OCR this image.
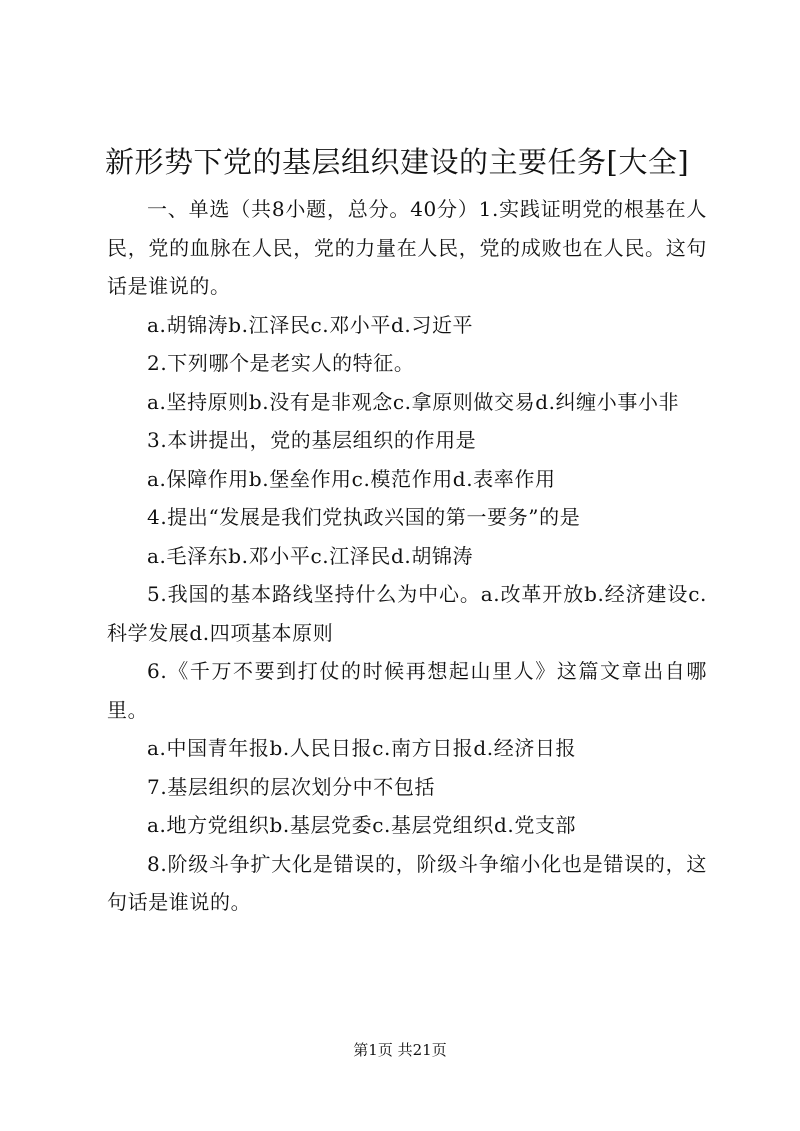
新形势下党的基层组织建设的主要任务[大全]

一、单选（共8小题，总分。40分）1.实践证明党的根基在人民，党的血脉在人民，党的力量在人民，党的成败也在人民。这句话是谁说的。

a.胡锦涛b.江泽民c.邓小平d.习近平

2.下列哪个是老实人的特征。

a.坚持原则b.没有是非观念c.拿原则做交易d.纠缠小事小非

3.本讲提出，党的基层组织的作用是

a.保障作用b.堡垒作用c.模范作用d.表率作用

4.提出“发展是我们党执政兴国的第一要务”的是

a.毛泽东b.邓小平c.江泽民d.胡锦涛

5.我国的基本路线坚持什么为中心。a.改革开放b.经济建设c.科学发展d.四项基本原则

6.《千万不要到打仗的时候再想起山里人》这篇文章出自哪里。

a.中国青年报b.人民日报c.南方日报d.经济日报

7.基层组织的层次划分中不包括

a.地方党组织b.基层党委c.基层党组织d.党支部

8.阶级斗争扩大化是错误的，阶级斗争缩小化也是错误的，这句话是谁说的。

第1页 共21页
